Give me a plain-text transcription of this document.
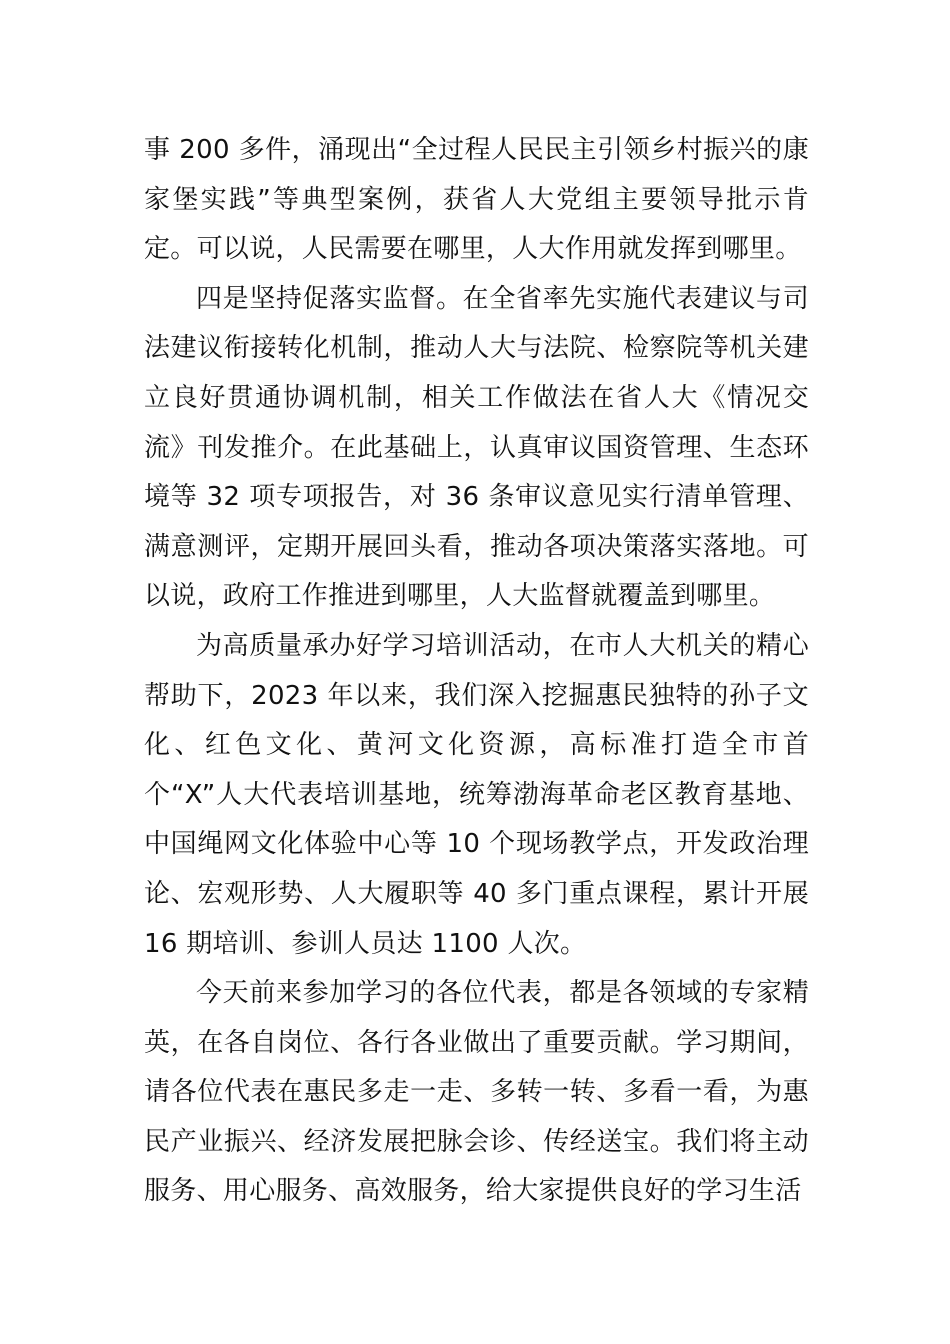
事 200 多件，涌现出“全过程人民民主引领乡村振兴的康家堡实践”等典型案例，获省人大党组主要领导批示肯定。可以说，人民需要在哪里，人大作用就发挥到哪里。

四是坚持促落实监督。在全省率先实施代表建议与司法建议衔接转化机制，推动人大与法院、检察院等机关建立良好贯通协调机制，相关工作做法在省人大《情况交流》刊发推介。在此基础上，认真审议国资管理、生态环境等 32 项专项报告，对 36 条审议意见实行清单管理、满意测评，定期开展回头看，推动各项决策落实落地。可以说，政府工作推进到哪里，人大监督就覆盖到哪里。

为高质量承办好学习培训活动，在市人大机关的精心帮助下，2023 年以来，我们深入挖掘惠民独特的孙子文化、红色文化、黄河文化资源，高标准打造全市首个“X”人大代表培训基地，统筹渤海革命老区教育基地、中国绳网文化体验中心等 10 个现场教学点，开发政治理论、宏观形势、人大履职等 40 多门重点课程，累计开展 16 期培训、参训人员达 1100 人次。

今天前来参加学习的各位代表，都是各领域的专家精英，在各自岗位、各行各业做出了重要贡献。学习期间，请各位代表在惠民多走一走、多转一转、多看一看，为惠民产业振兴、经济发展把脉会诊、传经送宝。我们将主动服务、用心服务、高效服务，给大家提供良好的学习生活
